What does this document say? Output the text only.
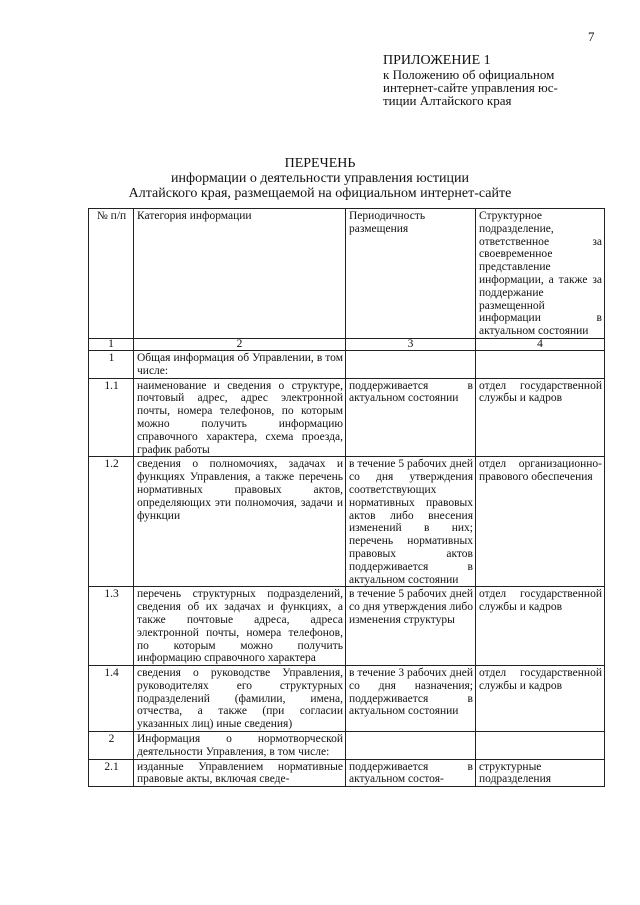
7
ПРИЛОЖЕНИЕ 1
к Положению об официальном
интернет-сайте управления юс-
тиции Алтайского края
ПЕРЕЧЕНЬ
информации о деятельности управления юстиции
Алтайского края, размещаемой на официальном интернет-сайте
№ п/п	Категория информации	Периодичность размещения	Структурное подразделение, ответственное за своевременное представление информации, а также за поддержание размещенной информации в актуальном состоянии
1	2	3	4
1	Общая информация об Управлении, в том числе:		
1.1	наименование и сведения о структуре, почтовый адрес, адрес электронной почты, номера телефонов, по которым можно получить информацию справочного характера, схема проезда, график работы	поддерживается в актуальном состоянии	отдел государственной службы и кадров
1.2	сведения о полномочиях, задачах и функциях Управления, а также перечень нормативных правовых актов, определяющих эти полномочия, задачи и функции	в течение 5 рабочих дней со дня утверждения соответствующих нормативных правовых актов либо внесения изменений в них; перечень нормативных правовых актов поддерживается в актуальном состоянии	отдел организационно-правового обеспечения
1.3	перечень структурных подразделений, сведения об их задачах и функциях, а также почтовые адреса, адреса электронной почты, номера телефонов, по которым можно получить информацию справочного характера	в течение 5 рабочих дней со дня утверждения либо изменения структуры	отдел государственной службы и кадров
1.4	сведения о руководстве Управления, руководителях его структурных подразделений (фамилии, имена, отчества, а также (при согласии указанных лиц) иные сведения)	в течение 3 рабочих дней со дня назначения; поддерживается в актуальном состоянии	отдел государственной службы и кадров
2	Информация о нормотворческой деятельности Управления, в том числе:		
2.1	изданные Управлением нормативные правовые акты, включая сведе-	поддерживается в актуальном состоя-	структурные подразделения
